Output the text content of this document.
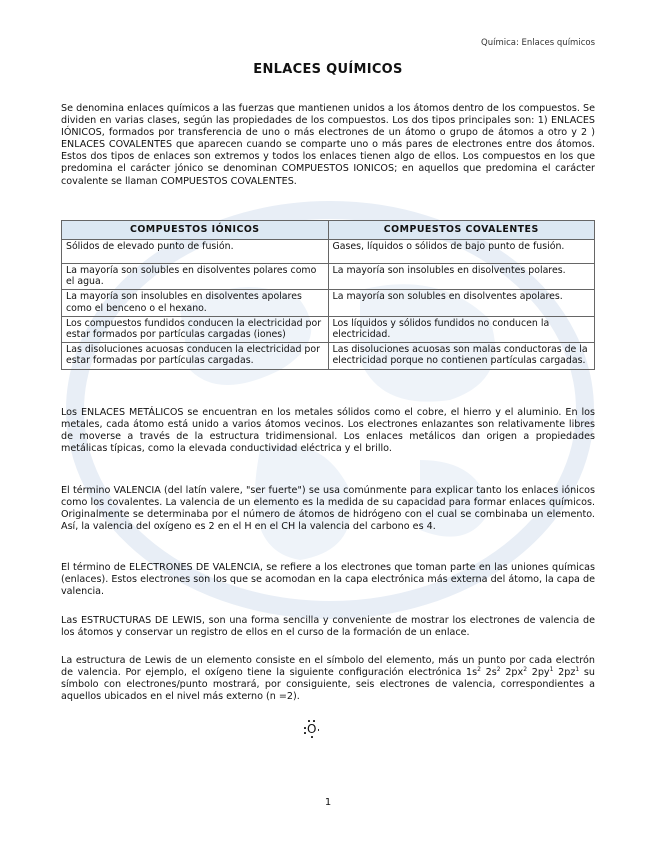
Química: Enlaces químicos
ENLACES QUÍMICOS

Se denomina enlaces químicos a las fuerzas que mantienen unidos a los átomos dentro de los compuestos. Se dividen en varias clases, según las propiedades de los compuestos. Los dos tipos principales son: 1) ENLACES IÓNICOS, formados por transferencia de uno o más electrones de un átomo o grupo de átomos a otro y 2 ) ENLACES COVALENTES que aparecen cuando se comparte uno o más pares de electrones entre dos átomos. Estos dos tipos de enlaces son extremos y todos los enlaces tienen algo de ellos. Los compuestos en los que predomina el carácter jónico se denominan COMPUESTOS IONICOS; en aquellos que predomina el carácter covalente se llaman COMPUESTOS COVALENTES.

COMPUESTOS IÓNICOS	COMPUESTOS COVALENTES
Sólidos de elevado punto de fusión.	Gases, líquidos o sólidos de bajo punto de fusión.
La mayoría son solubles en disolventes polares como el agua.	La mayoría son insolubles en disolventes polares.
La mayoría son insolubles en disolventes apolares como el benceno o el hexano.	La mayoría son solubles en disolventes apolares.
Los compuestos fundidos conducen la electricidad por estar formados por partículas cargadas (iones)	Los líquidos y sólidos fundidos no conducen la electricidad.
Las disoluciones acuosas conducen la electricidad por estar formadas por partículas cargadas.	Las disoluciones acuosas son malas conductoras de la electricidad porque no contienen partículas cargadas.

Los ENLACES METÁLICOS se encuentran en los metales sólidos como el cobre, el hierro y el aluminio. En los metales, cada átomo está unido a varios átomos vecinos. Los electrones enlazantes son relativamente libres de moverse a través de la estructura tridimensional. Los enlaces metálicos dan origen a propiedades metálicas típicas, como la elevada conductividad eléctrica y el brillo.

El término VALENCIA (del latín valere, "ser fuerte") se usa comúnmente para explicar tanto los enlaces iónicos como los covalentes. La valencia de un elemento es la medida de su capacidad para formar enlaces químicos. Originalmente se determinaba por el número de átomos de hidrógeno con el cual se combinaba un elemento. Así, la valencia del oxígeno es 2 en el H en el CH la valencia del carbono es 4.

El término de ELECTRONES DE VALENCIA, se refiere a los electrones que toman parte en las uniones químicas (enlaces). Estos electrones son los que se acomodan en la capa electrónica más externa del átomo, la capa de valencia.

Las ESTRUCTURAS DE LEWIS, son una forma sencilla y conveniente de mostrar los electrones de valencia de los átomos y conservar un registro de ellos en el curso de la formación de un enlace.

La estructura de Lewis de un elemento consiste en el símbolo del elemento, más un punto por cada electrón de valencia. Por ejemplo, el oxígeno tiene la siguiente configuración electrónica $1s^2$ $2s^2$ $2px^2$ $2py^1$ $2pz^1$ su símbolo con electrones/punto mostrará, por consiguiente, seis electrones de valencia, correspondientes a aquellos ubicados en el nivel más externo (n =2).

O
1
